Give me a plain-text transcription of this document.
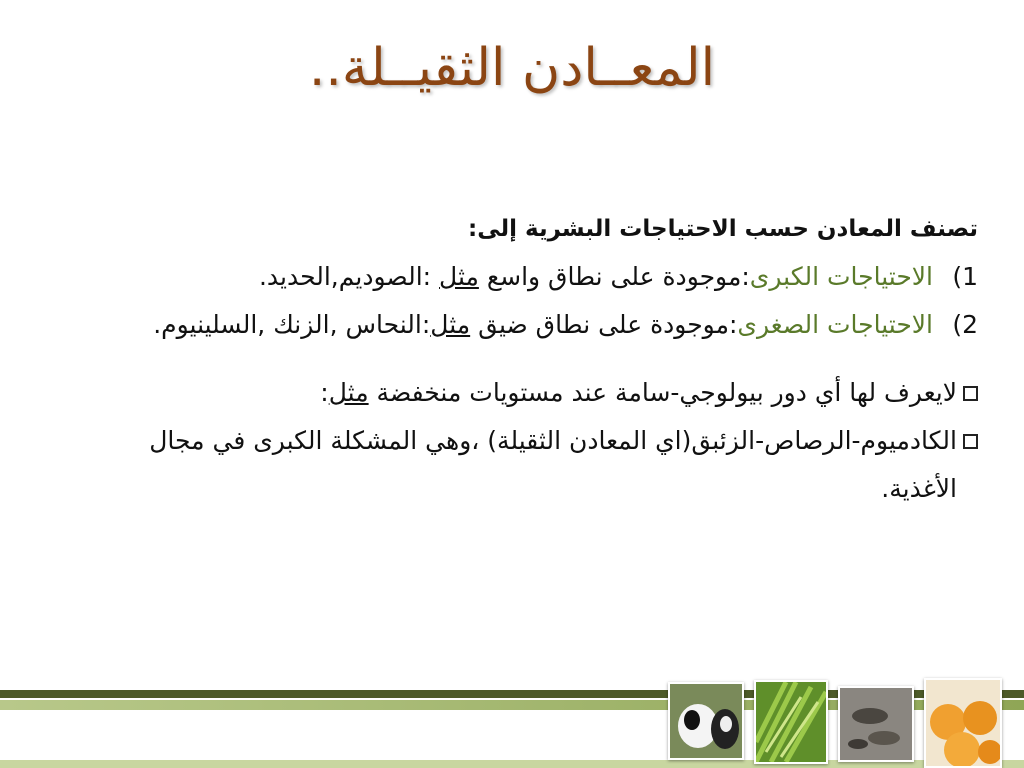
المعــادن الثقيــلة..
تصنف المعادن حسب الاحتياجات البشرية إلى:
1)
الاحتياجات الكبرى:موجودة على نطاق واسع مثل :الصوديم,الحديد.
2)
الاحتياجات الصغرى:موجودة على نطاق ضيق مثل:النحاس ,الزنك ,السلينيوم.
لايعرف لها أي دور بيولوجي-سامة عند مستويات منخفضة مثل:
الكادميوم-الرصاص-الزئبق(اي المعادن الثقيلة) ،وهي المشكلة الكبرى في مجال الأغذية.
